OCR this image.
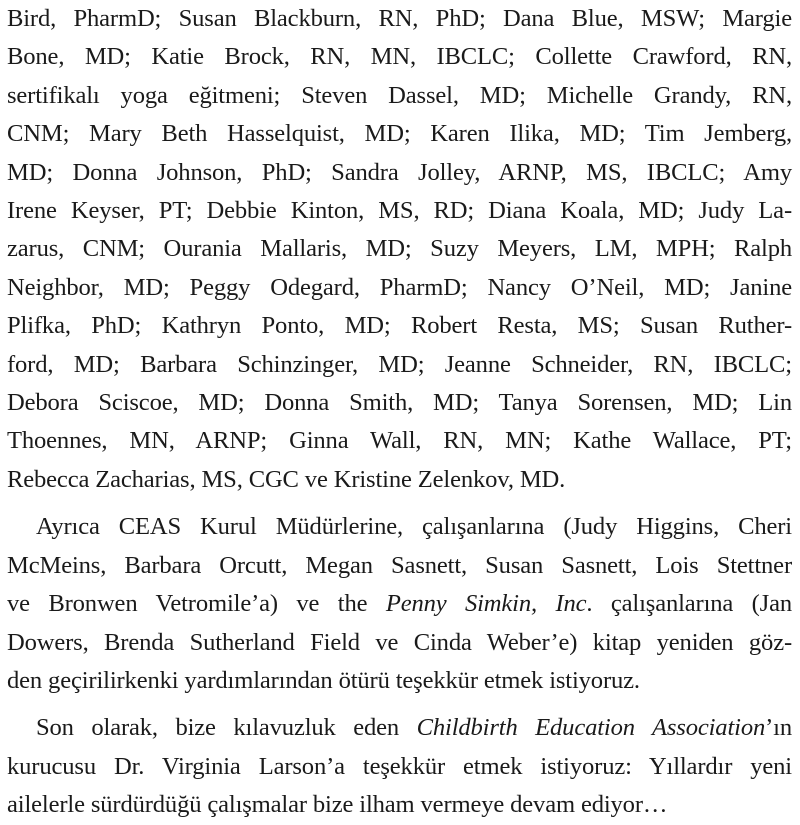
Bird, PharmD; Susan Blackburn, RN, PhD; Dana Blue, MSW; Margie
Bone, MD; Katie Brock, RN, MN, IBCLC; Collette Crawford, RN,
sertifikalı yoga eğitmeni; Steven Dassel, MD; Michelle Grandy, RN,
CNM; Mary Beth Hasselquist, MD; Karen Ilika, MD; Tim Jemberg,
MD; Donna Johnson, PhD; Sandra Jolley, ARNP, MS, IBCLC; Amy
Irene Keyser, PT; Debbie Kinton, MS, RD; Diana Koala, MD; Judy La-
zarus, CNM; Ourania Mallaris, MD; Suzy Meyers, LM, MPH; Ralph
Neighbor, MD; Peggy Odegard, PharmD; Nancy O’Neil, MD; Janine
Plifka, PhD; Kathryn Ponto, MD; Robert Resta, MS; Susan Ruther-
ford, MD; Barbara Schinzinger, MD; Jeanne Schneider, RN, IBCLC;
Debora Sciscoe, MD; Donna Smith, MD; Tanya Sorensen, MD; Lin
Thoennes, MN, ARNP; Ginna Wall, RN, MN; Kathe Wallace, PT;
Rebecca Zacharias, MS, CGC ve Kristine Zelenkov, MD.

Ayrıca CEAS Kurul Müdürlerine, çalışanlarına (Judy Higgins, Cheri
McMeins, Barbara Orcutt, Megan Sasnett, Susan Sasnett, Lois Stettner
ve Bronwen Vetromile’a) ve the Penny Simkin, Inc. çalışanlarına (Jan
Dowers, Brenda Sutherland Field ve Cinda Weber’e) kitap yeniden göz-
den geçirilirkenki yardımlarından ötürü teşekkür etmek istiyoruz.

Son olarak, bize kılavuzluk eden Childbirth Education Association’ın
kurucusu Dr. Virginia Larson’a teşekkür etmek istiyoruz: Yıllardır yeni
ailelerle sürdürdüğü çalışmalar bize ilham vermeye devam ediyor…
